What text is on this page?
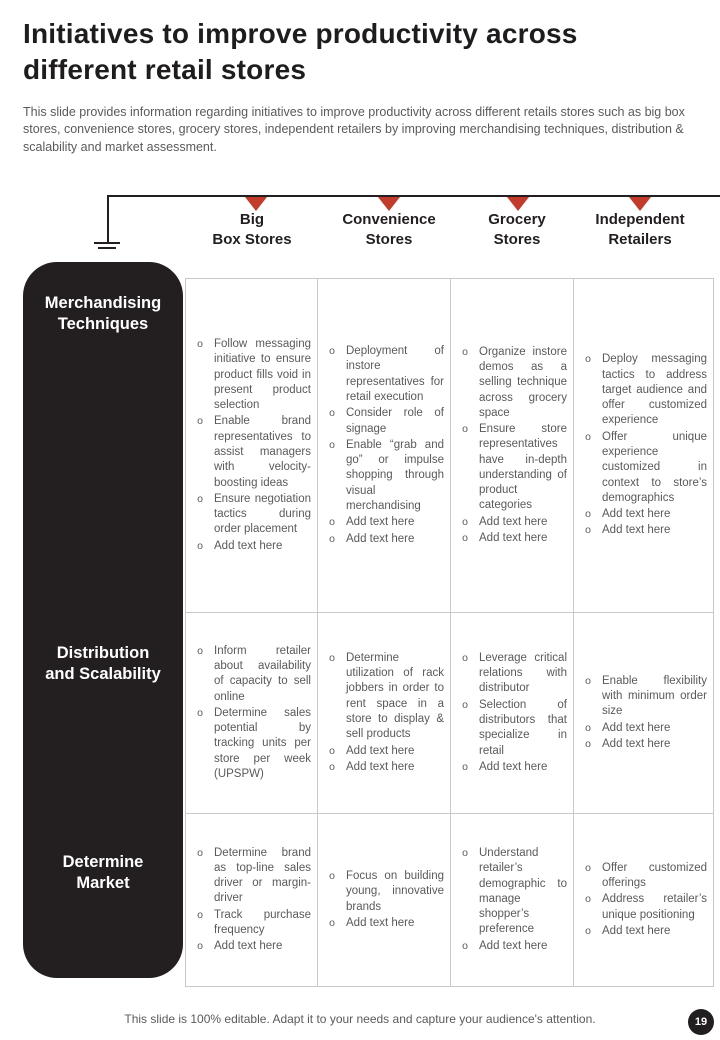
Initiatives to improve productivity across different retail stores
This slide provides information regarding initiatives to improve productivity across different retails stores such as big box stores, convenience stores, grocery stores, independent retailers by improving merchandising techniques, distribution & scalability and market assessment.
Big
Box Stores
Convenience
Stores
Grocery
Stores
Independent
Retailers
Merchandising
Techniques
Distribution
and Scalability
Determine
Market
o Follow messaging initiative to ensure product fills void in present product selection
o Enable brand representatives to assist managers with velocity-boosting ideas
o Ensure negotiation tactics during order placement
o Add text here
o Deployment of instore representatives for retail execution
o Consider role of signage
o Enable “grab and go” or impulse shopping through visual merchandising
o Add text here
o Add text here
o Organize instore demos as a selling technique across grocery space
o Ensure store representatives have in-depth understanding of product categories
o Add text here
o Add text here
o Deploy messaging tactics to address target audience and offer customized experience
o Offer unique experience customized in context to store’s demographics
o Add text here
o Add text here
o Inform retailer about availability of capacity to sell online
o Determine sales potential by tracking units per store per week (UPSPW)
o Determine utilization of rack jobbers in order to rent space in a store to display & sell products
o Add text here
o Add text here
o Leverage critical relations with distributor
o Selection of distributors that specialize in retail
o Add text here
o Enable flexibility with minimum order size
o Add text here
o Add text here
o Determine brand as top-line sales driver or margin-driver
o Track purchase frequency
o Add text here
o Focus on building young, innovative brands
o Add text here
o Understand retailer’s demographic to manage shopper’s preference
o Add text here
o Offer customized offerings
o Address retailer’s unique positioning
o Add text here
This slide is 100% editable. Adapt it to your needs and capture your audience's attention.	19
